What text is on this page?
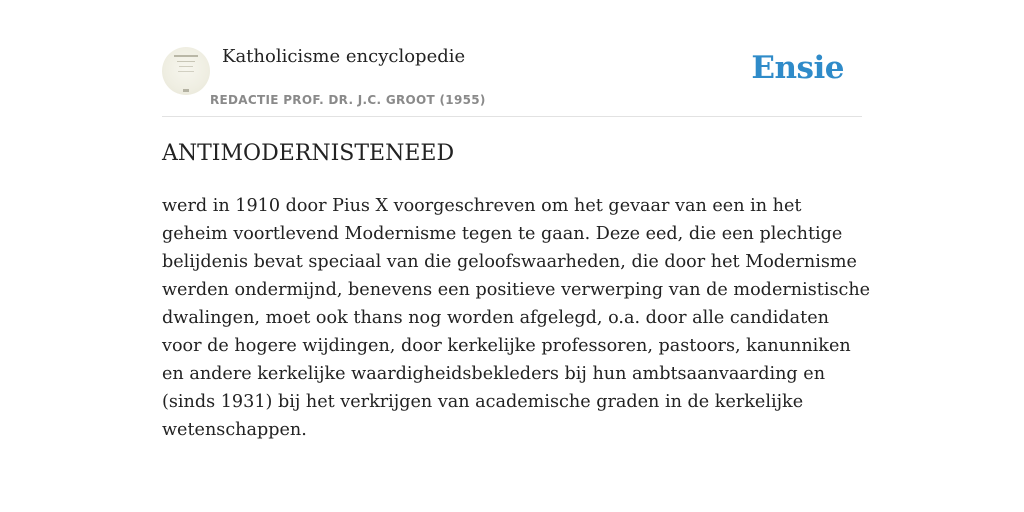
Katholicisme encyclopedie
REDACTIE PROF. DR. J.C. GROOT (1955)
Ensie
ANTIMODERNISTENEED

werd in 1910 door Pius X voorgeschreven om het gevaar van een in het geheim voortlevend Modernisme tegen te gaan. Deze eed, die een plechtige belijdenis bevat speciaal van die geloofswaarheden, die door het Modernisme werden ondermijnd, benevens een positieve verwerping van de modernistische dwalingen, moet ook thans nog worden afgelegd, o.a. door alle candidaten voor de hogere wijdingen, door kerkelijke professoren, pastoors, kanunniken en andere kerkelijke waardigheidsbekleders bij hun ambtsaanvaarding en (sinds 1931) bij het verkrijgen van academische graden in de kerkelijke wetenschappen.
